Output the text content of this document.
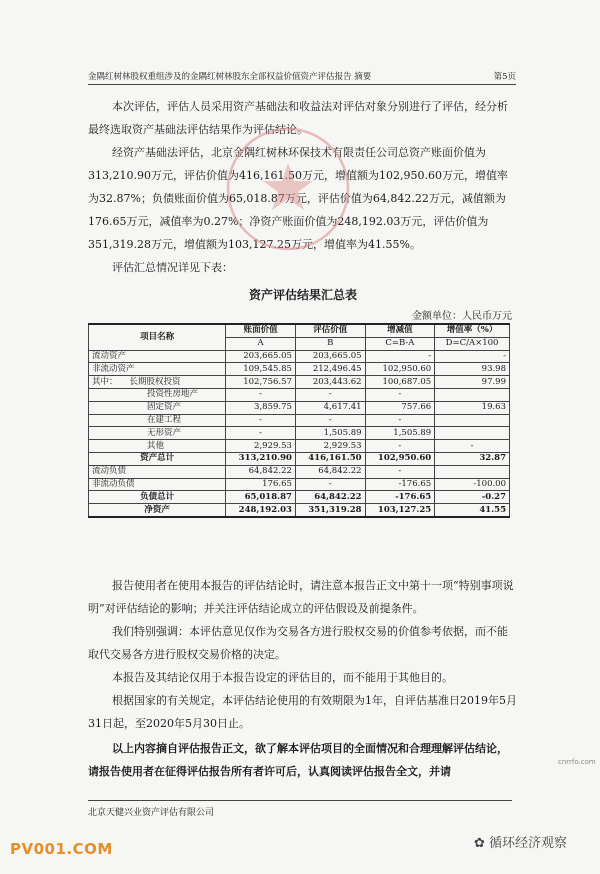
金隅红树林股权重组涉及的金隅红树林股东全部权益价值资产评估报告 摘要	第5页

本次评估，评估人员采用资产基础法和收益法对评估对象分别进行了评估，经分析最终选取资产基础法评估结果作为评估结论。

经资产基础法评估，北京金隅红树林环保技术有限责任公司总资产账面价值为313,210.90万元，评估价值为416,161.50万元，增值额为102,950.60万元，增值率为32.87%；负债账面价值为65,018.87万元，评估价值为64,842.22万元，减值额为176.65万元，减值率为0.27%；净资产账面价值为248,192.03万元，评估价值为351,319.28万元，增值额为103,127.25万元，增值率为41.55%。

评估汇总情况详见下表：

资产评估结果汇总表
金额单位：人民币万元
项目名称	账面价值	评估价值	增减值	增值率（%）
	A	B	C=B-A	D=C/A×100
流动资产	203,665.05	203,665.05	-	-
非流动资产	109,545.85	212,496.45	102,950.60	93.98
其中： 长期股权投资	102,756.57	203,443.62	100,687.05	97.99
投资性房地产	-	-	-	
固定资产	3,859.75	4,617.41	757.66	19.63
在建工程	-	-	-	
无形资产	-	1,505.89	1,505.89	
其他	2,929.53	2,929.53	-	-
资产总计	313,210.90	416,161.50	102,950.60	32.87
流动负债	64,842.22	64,842.22	-	
非流动负债	176.65	-	-176.65	-100.00
负债总计	65,018.87	64,842.22	-176.65	-0.27
净资产	248,192.03	351,319.28	103,127.25	41.55

报告使用者在使用本报告的评估结论时，请注意本报告正文中第十一项“特别事项说明”对评估结论的影响；并关注评估结论成立的评估假设及前提条件。

我们特别强调：本评估意见仅作为交易各方进行股权交易的价值参考依据，而不能取代交易各方进行股权交易价格的决定。

本报告及其结论仅用于本报告设定的评估目的，而不能用于其他目的。

根据国家的有关规定，本评估结论使用的有效期限为1年，自评估基准日2019年5月31日起，至2020年5月30日止。

以上内容摘自评估报告正文，欲了解本评估项目的全面情况和合理理解评估结论，请报告使用者在征得评估报告所有者许可后，认真阅读评估报告全文，并请

北京天健兴业资产评估有限公司
PV001.COM
cnrrfo.com
✿ 循环经济观察
